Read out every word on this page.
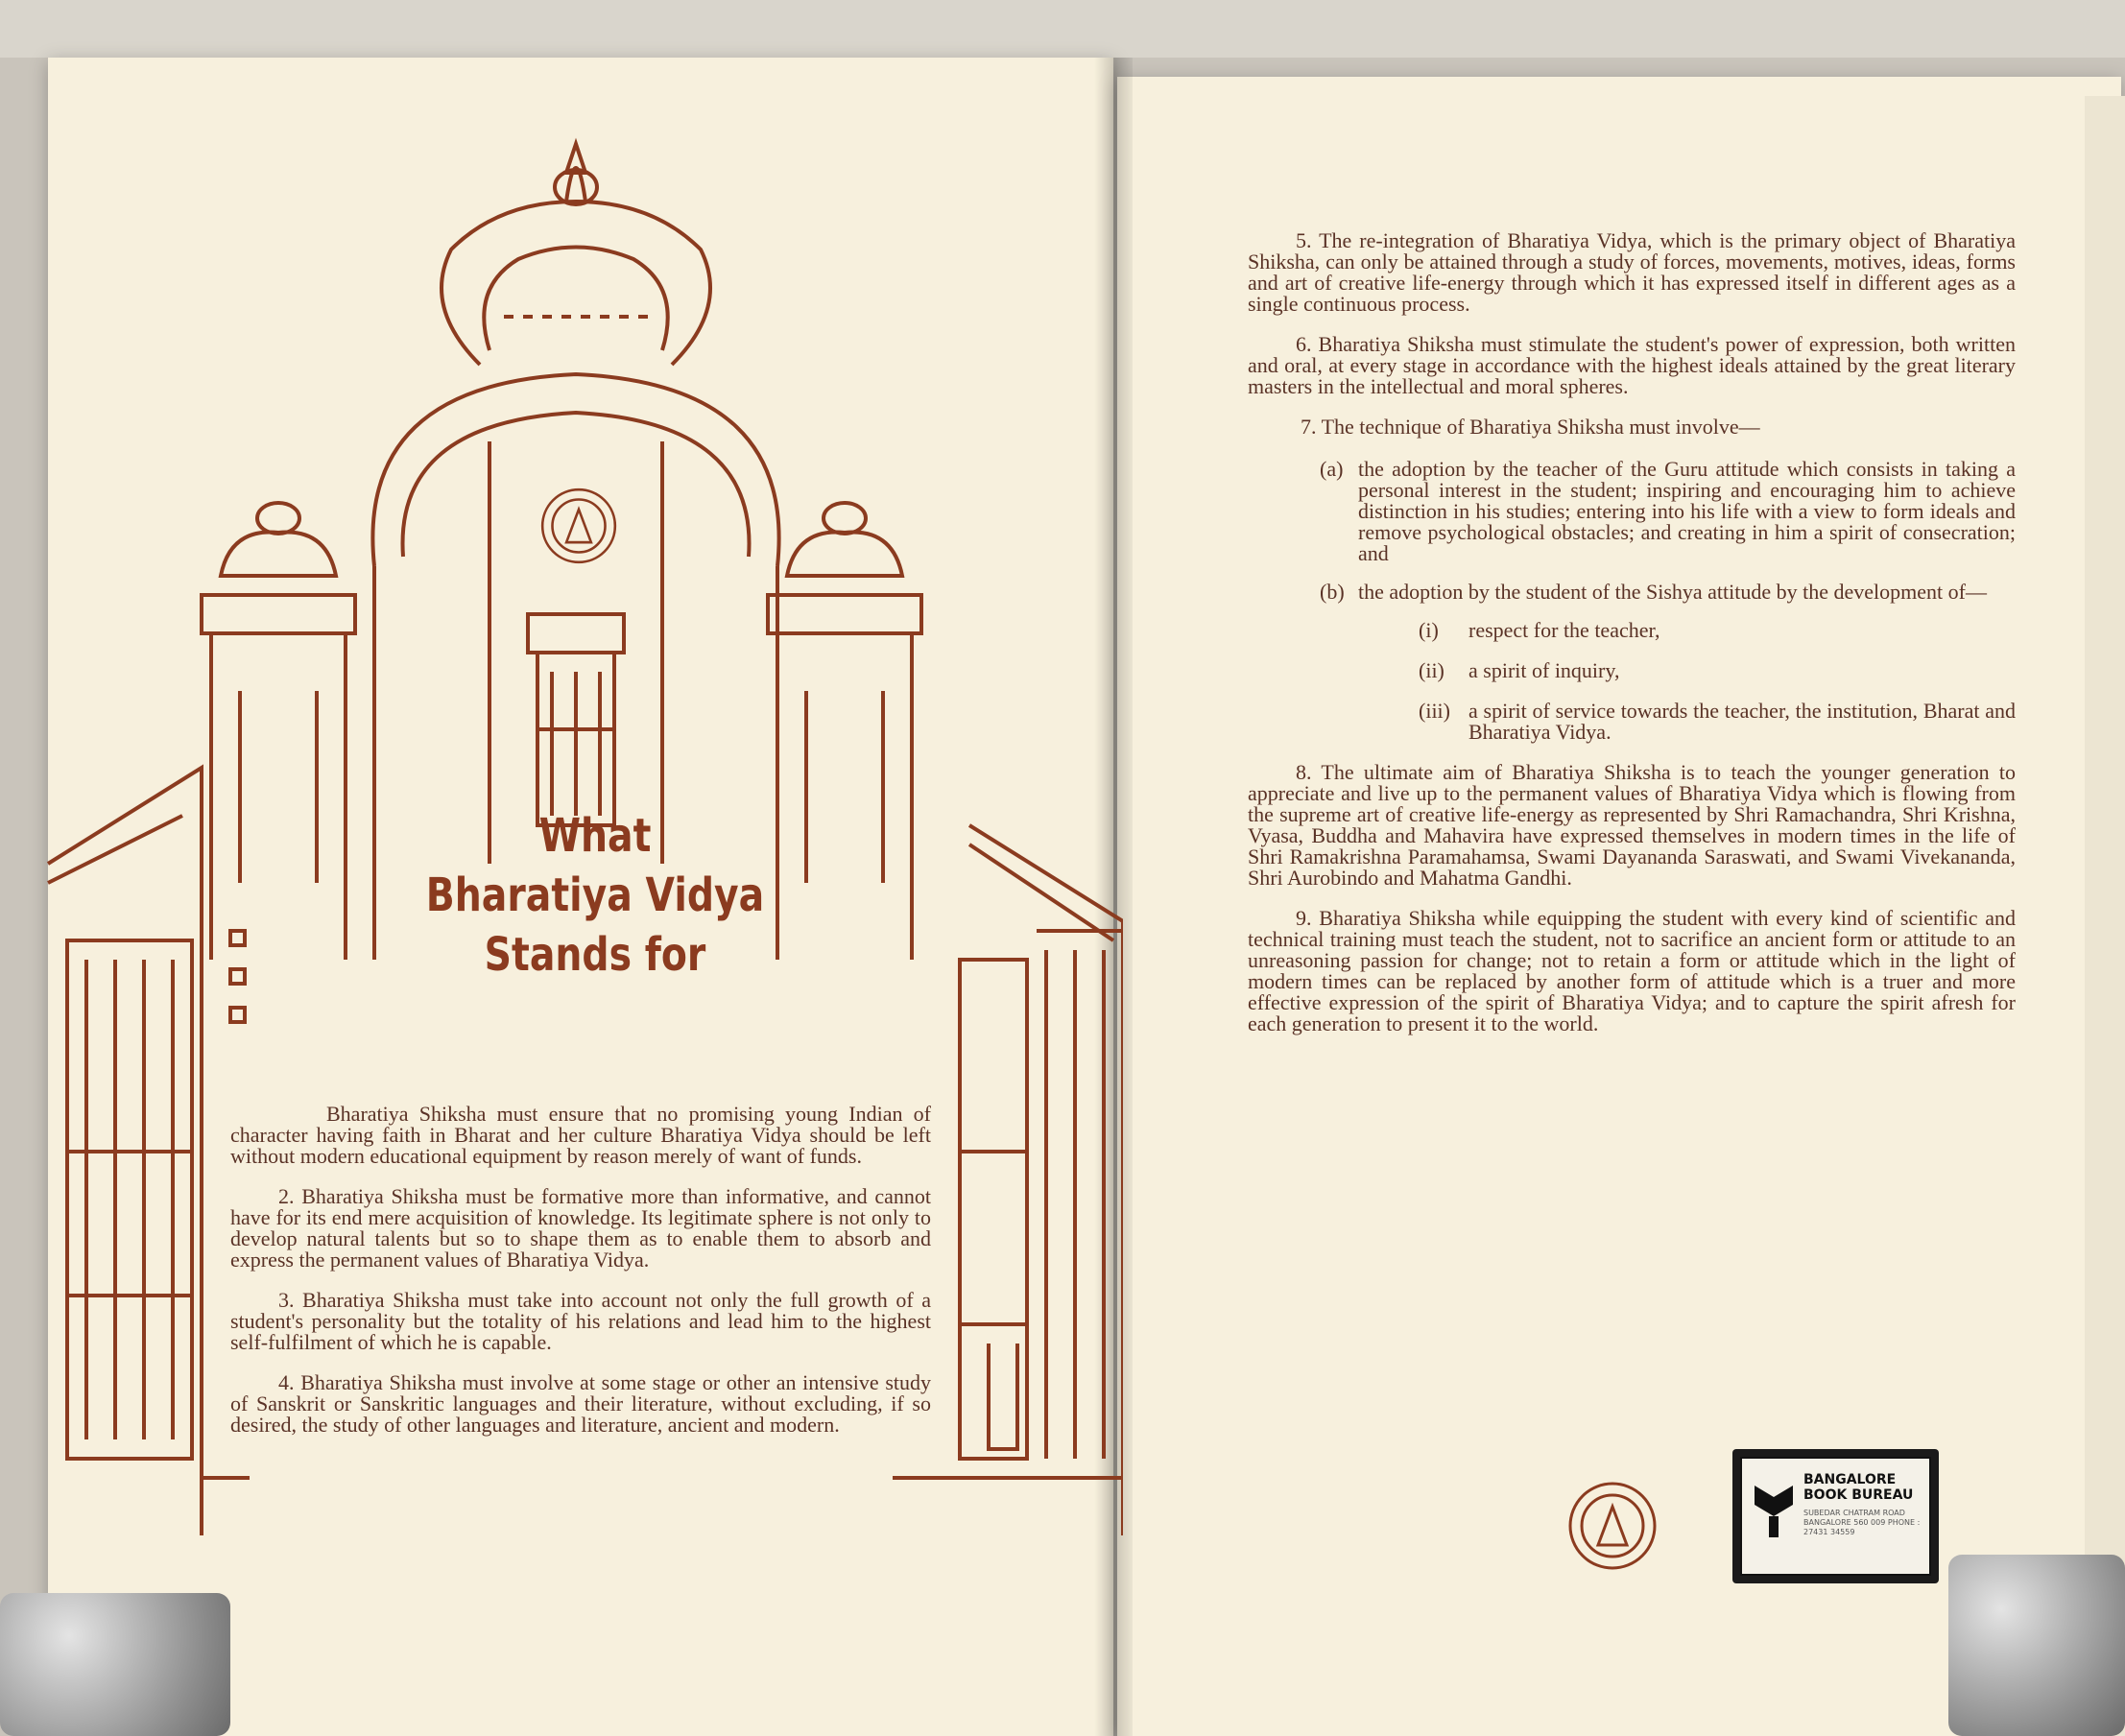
What
Bharatiya Vidya
Stands for

Bharatiya Shiksha must ensure that no promising young Indian of character having faith in Bharat and her culture Bharatiya Vidya should be left without modern educational equipment by reason merely of want of funds.

2. Bharatiya Shiksha must be formative more than informative, and cannot have for its end mere acquisition of knowledge. Its legitimate sphere is not only to develop natural talents but so to shape them as to enable them to absorb and express the permanent values of Bharatiya Vidya.

3. Bharatiya Shiksha must take into account not only the full growth of a student's personality but the totality of his relations and lead him to the highest self-fulfilment of which he is capable.

4. Bharatiya Shiksha must involve at some stage or other an intensive study of Sanskrit or Sanskritic languages and their literature, without excluding, if so desired, the study of other languages and literature, ancient and modern.

5. The re-integration of Bharatiya Vidya, which is the primary object of Bharatiya Shiksha, can only be attained through a study of forces, movements, motives, ideas, forms and art of creative life-energy through which it has expressed itself in different ages as a single continuous process.

6. Bharatiya Shiksha must stimulate the student's power of expression, both written and oral, at every stage in accordance with the highest ideals attained by the great literary masters in the intellectual and moral spheres.

7. The technique of Bharatiya Shiksha must involve—

(a) the adoption by the teacher of the Guru attitude which consists in taking a personal interest in the student; inspiring and encouraging him to achieve distinction in his studies; entering into his life with a view to form ideals and remove psychological obstacles; and creating in him a spirit of consecration; and
(b) the adoption by the student of the Sishya attitude by the development of—
(i) respect for the teacher,
(ii) a spirit of inquiry,
(iii) a spirit of service towards the teacher, the institution, Bharat and Bharatiya Vidya.

8. The ultimate aim of Bharatiya Shiksha is to teach the younger generation to appreciate and live up to the permanent values of Bharatiya Vidya which is flowing from the supreme art of creative life-energy as represented by Shri Ramachandra, Shri Krishna, Vyasa, Buddha and Mahavira have expressed themselves in modern times in the life of Shri Ramakrishna Paramahamsa, Swami Dayananda Saraswati, and Swami Vivekananda, Shri Aurobindo and Mahatma Gandhi.

9. Bharatiya Shiksha while equipping the student with every kind of scientific and technical training must teach the student, not to sacrifice an ancient form or attitude to an unreasoning passion for change; not to retain a form or attitude which in the light of modern times can be replaced by another form of attitude which is a truer and more effective expression of the spirit of Bharatiya Vidya; and to capture the spirit afresh for each generation to present it to the world.

BANGALORE BOOK BUREAU
SUBEDAR CHATRAM ROAD BANGALORE 560 009 PHONE : 27431 34559
